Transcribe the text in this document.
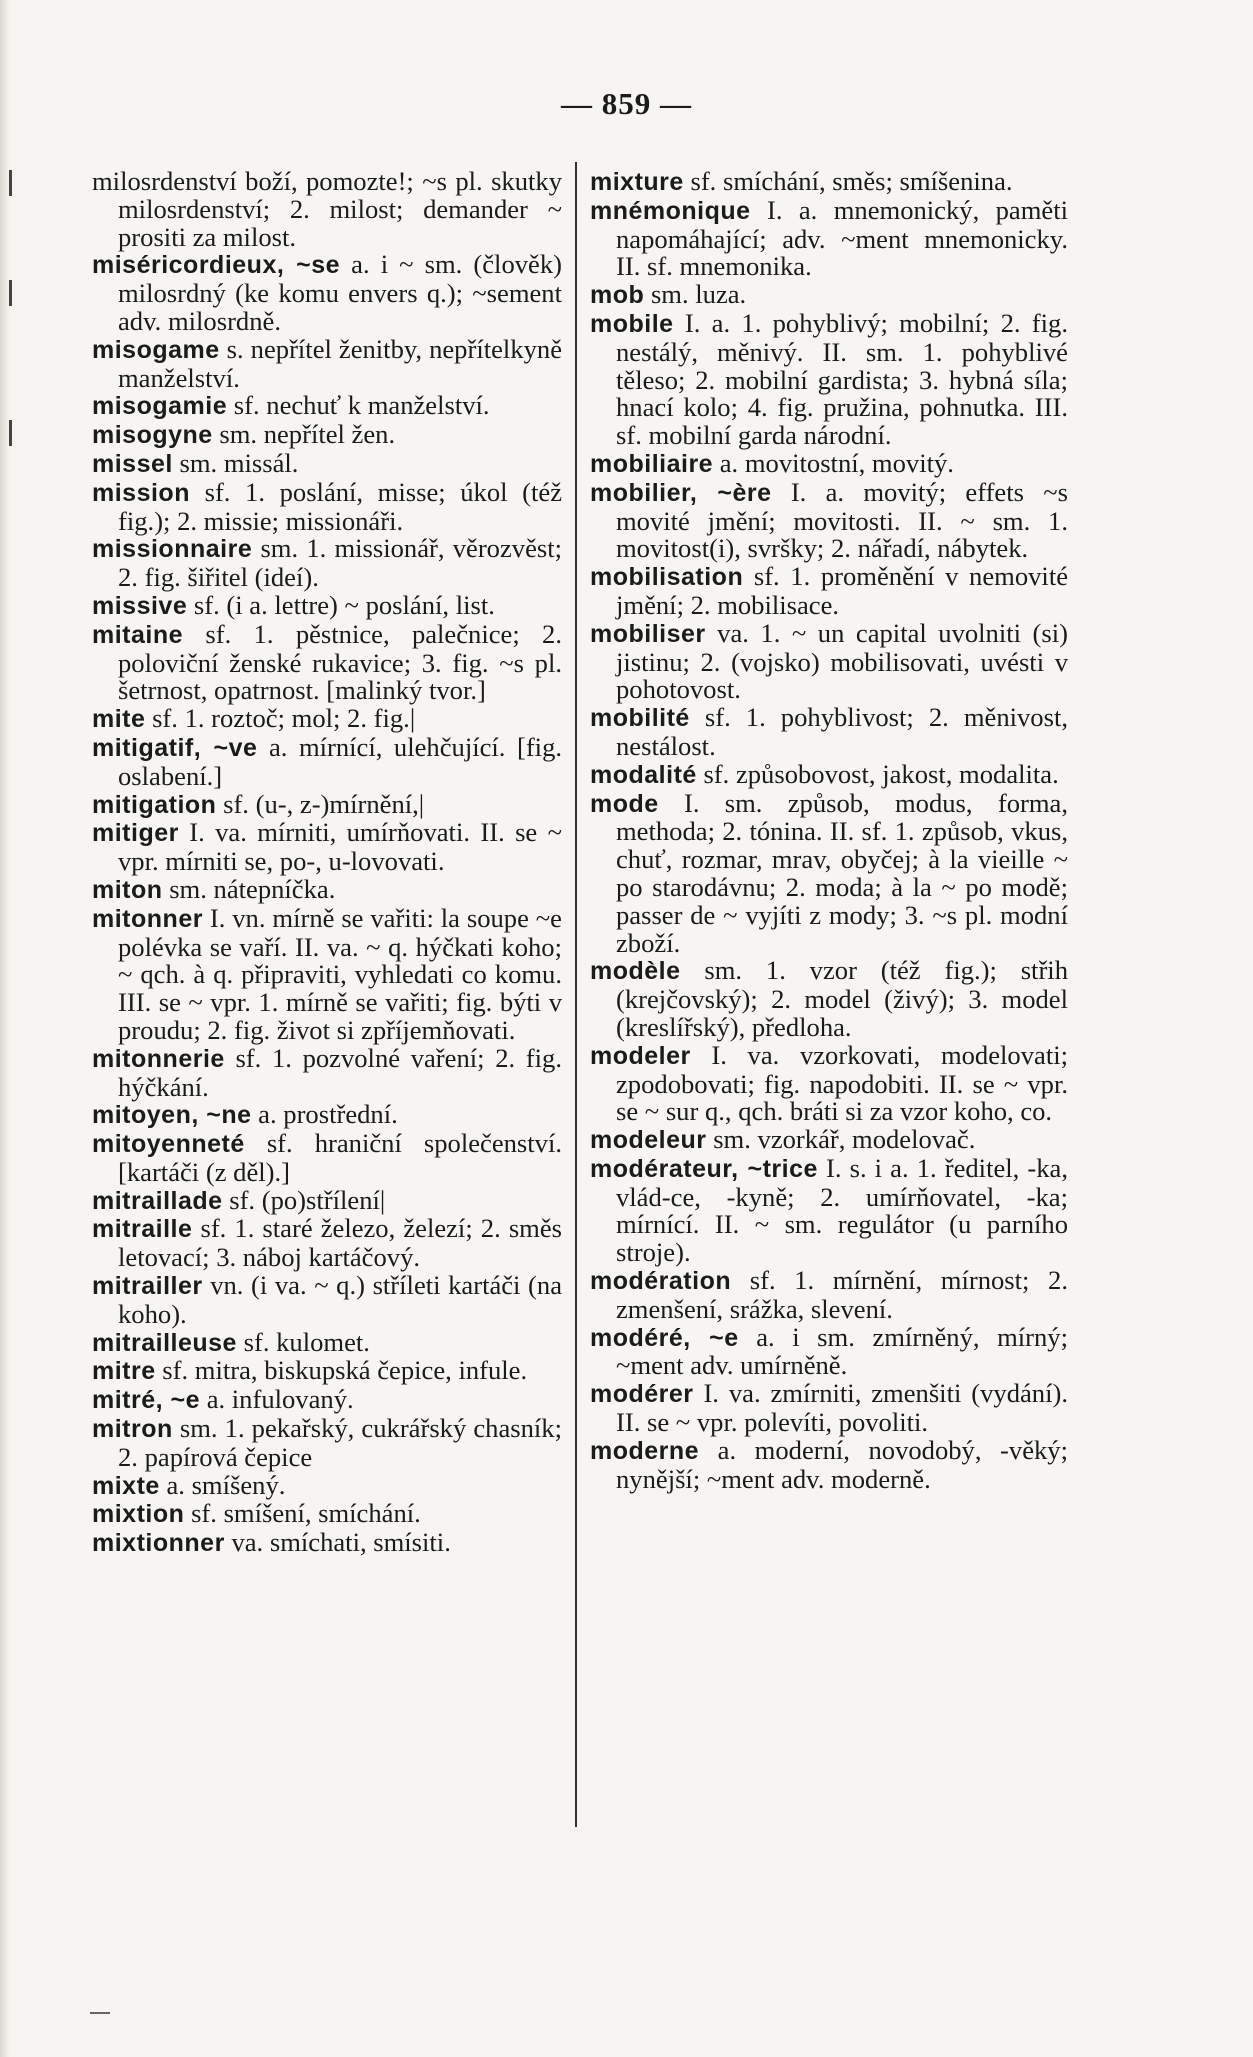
— 859 —

milosrdenství boží, pomozte!; ~s pl. skutky milosrdenství; 2. milost; demander ~ prositi za milost.

miséricordieux, ~se a. i ~ sm. (člověk) milosrdný (ke komu envers q.); ~sement adv. milosrdně.

misogame s. nepřítel ženitby, nepřítelkyně manželství.

misogamie sf. nechuť k manželství.

misogyne sm. nepřítel žen.

missel sm. missál.

mission sf. 1. poslání, misse; úkol (též fig.); 2. missie; missionáři.

missionnaire sm. 1. missionář, věrozvěst; 2. fig. šiřitel (ideí).

missive sf. (i a. lettre) ~ poslání, list.

mitaine sf. 1. pěstnice, palečnice; 2. poloviční ženské rukavice; 3. fig. ~s pl. šetrnost, opatrnost. [malinký tvor.]

mite sf. 1. roztoč; mol; 2. fig.|

mitigatif, ~ve a. mírnící, ulehčující. [fig. oslabení.]

mitigation sf. (u-, z-)mírnění,|

mitiger I. va. mírniti, umírňovati. II. se ~ vpr. mírniti se, po-, u-lovovati.

miton sm. nátepníčka.

mitonner I. vn. mírně se vařiti: la soupe ~e polévka se vaří. II. va. ~ q. hýčkati koho; ~ qch. à q. připraviti, vyhledati co komu. III. se ~ vpr. 1. mírně se vařiti; fig. býti v proudu; 2. fig. život si zpříjemňovati.

mitonnerie sf. 1. pozvolné vaření; 2. fig. hýčkání.

mitoyen, ~ne a. prostřední.

mitoyenneté sf. hraniční společenství. [kartáči (z děl).]

mitraillade sf. (po)střílení|

mitraille sf. 1. staré železo, železí; 2. směs letovací; 3. náboj kartáčový.

mitrailler vn. (i va. ~ q.) stříleti kartáči (na koho).

mitrailleuse sf. kulomet.

mitre sf. mitra, biskupská čepice, infule.

mitré, ~e a. infulovaný.

mitron sm. 1. pekařský, cukrářský chasník; 2. papírová čepice

mixte a. smíšený.

mixtion sf. smíšení, smíchání.

mixtionner va. smíchati, smísiti.

mixture sf. smíchání, směs; smíšenina.

mnémonique I. a. mnemonický, paměti napomáhající; adv. ~ment mnemonicky. II. sf. mnemonika.

mob sm. luza.

mobile I. a. 1. pohyblivý; mobilní; 2. fig. nestálý, měnivý. II. sm. 1. pohyblivé těleso; 2. mobilní gardista; 3. hybná síla; hnací kolo; 4. fig. pružina, pohnutka. III. sf. mobilní garda národní.

mobiliaire a. movitostní, movitý.

mobilier, ~ère I. a. movitý; effets ~s movité jmění; movitosti. II. ~ sm. 1. movitost(i), svršky; 2. nářadí, nábytek.

mobilisation sf. 1. proměnění v nemovité jmění; 2. mobilisace.

mobiliser va. 1. ~ un capital uvolniti (si) jistinu; 2. (vojsko) mobilisovati, uvésti v pohotovost.

mobilité sf. 1. pohyblivost; 2. měnivost, nestálost.

modalité sf. způsobovost, jakost, modalita.

mode I. sm. způsob, modus, forma, methoda; 2. tónina. II. sf. 1. způsob, vkus, chuť, rozmar, mrav, obyčej; à la vieille ~ po starodávnu; 2. moda; à la ~ po modě; passer de ~ vyjíti z mody; 3. ~s pl. modní zboží.

modèle sm. 1. vzor (též fig.); střih (krejčovský); 2. model (živý); 3. model (kreslířský), předloha.

modeler I. va. vzorkovati, modelovati; zpodobovati; fig. napodobiti. II. se ~ vpr. se ~ sur q., qch. bráti si za vzor koho, co.

modeleur sm. vzorkář, modelovač.

modérateur, ~trice I. s. i a. 1. ředitel, -ka, vlád-ce, -kyně; 2. umírňovatel, -ka; mírnící. II. ~ sm. regulátor (u parního stroje).

modération sf. 1. mírnění, mírnost; 2. zmenšení, srážka, slevení.

modéré, ~e a. i sm. zmírněný, mírný; ~ment adv. umírněně.

modérer I. va. zmírniti, zmenšiti (vydání). II. se ~ vpr. polevíti, povoliti.

moderne a. moderní, novodobý, -věký; nynější; ~ment adv. moderně.
